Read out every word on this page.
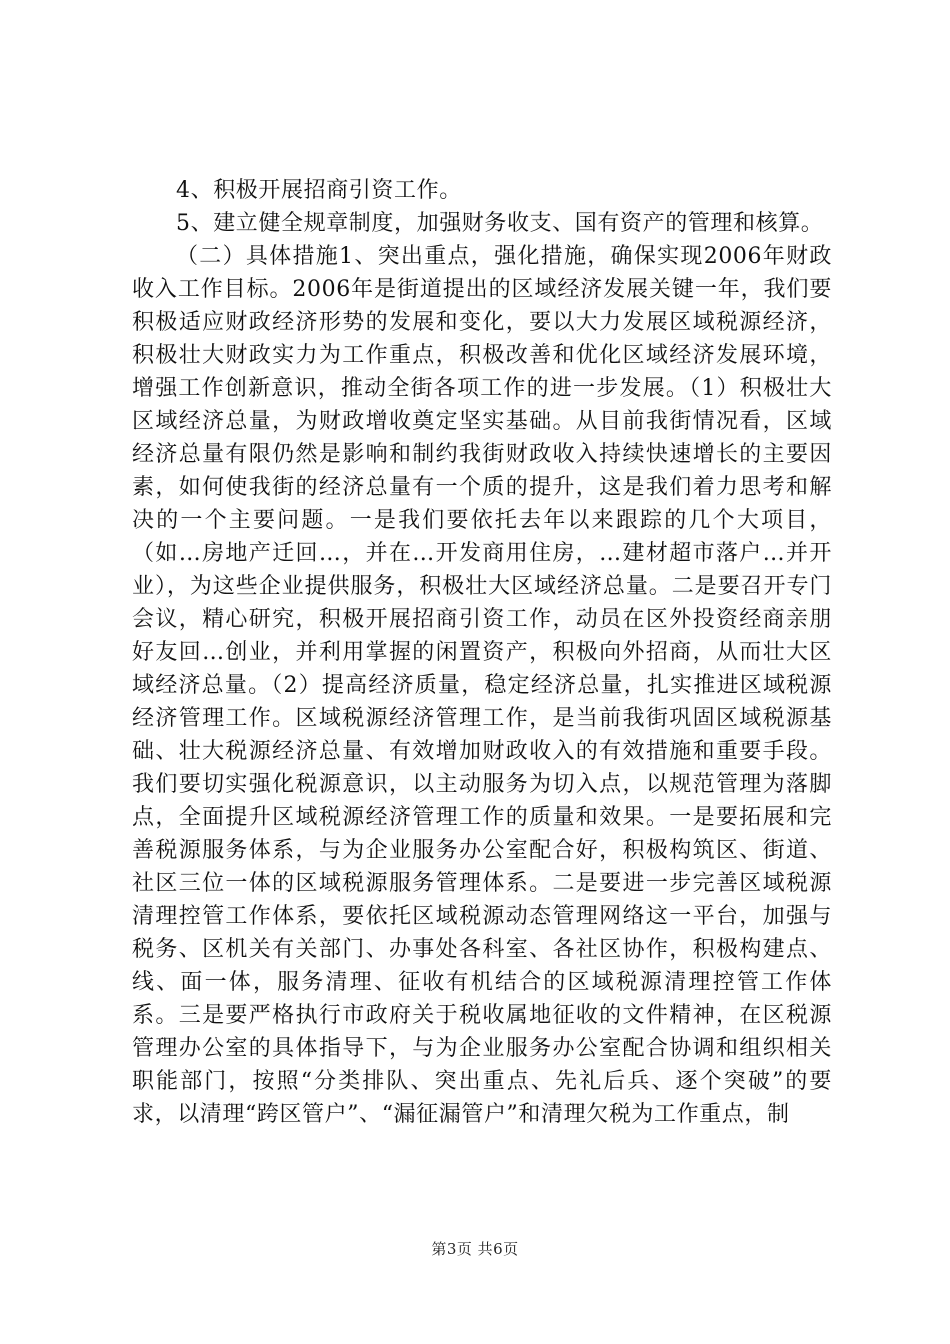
4、积极开展招商引资工作。

5、建立健全规章制度，加强财务收支、国有资产的管理和核算。

（二）具体措施1、突出重点，强化措施，确保实现2006年财政收入工作目标。2006年是街道提出的区域经济发展关键一年，我们要积极适应财政经济形势的发展和变化，要以大力发展区域税源经济，积极壮大财政实力为工作重点，积极改善和优化区域经济发展环境，增强工作创新意识，推动全街各项工作的进一步发展。（1）积极壮大区域经济总量，为财政增收奠定坚实基础。从目前我街情况看，区域经济总量有限仍然是影响和制约我街财政收入持续快速增长的主要因素，如何使我街的经济总量有一个质的提升，这是我们着力思考和解决的一个主要问题。一是我们要依托去年以来跟踪的几个大项目，（如…房地产迁回…，并在…开发商用住房，…建材超市落户…并开业），为这些企业提供服务，积极壮大区域经济总量。二是要召开专门会议，精心研究，积极开展招商引资工作，动员在区外投资经商亲朋好友回…创业，并利用掌握的闲置资产，积极向外招商，从而壮大区域经济总量。（2）提高经济质量，稳定经济总量，扎实推进区域税源经济管理工作。区域税源经济管理工作，是当前我街巩固区域税源基础、壮大税源经济总量、有效增加财政收入的有效措施和重要手段。我们要切实强化税源意识，以主动服务为切入点，以规范管理为落脚点，全面提升区域税源经济管理工作的质量和效果。一是要拓展和完善税源服务体系，与为企业服务办公室配合好，积极构筑区、街道、社区三位一体的区域税源服务管理体系。二是要进一步完善区域税源清理控管工作体系，要依托区域税源动态管理网络这一平台，加强与税务、区机关有关部门、办事处各科室、各社区协作，积极构建点、线、面一体，服务清理、征收有机结合的区域税源清理控管工作体系。三是要严格执行市政府关于税收属地征收的文件精神，在区税源管理办公室的具体指导下，与为企业服务办公室配合协调和组织相关职能部门，按照“分类排队、突出重点、先礼后兵、逐个突破”的要求，以清理“跨区管户”、“漏征漏管户”和清理欠税为工作重点，制

第3页 共6页
